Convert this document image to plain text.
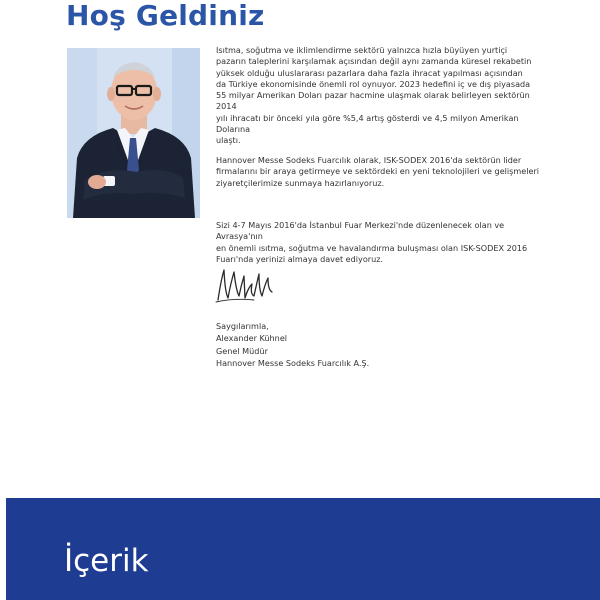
Hoş Geldiniz

Isıtma, soğutma ve iklimlendirme sektörü yalnızca hızla büyüyen yurtiçi
pazarın taleplerini karşılamak açısından değil aynı zamanda küresel rekabetin
yüksek olduğu uluslararası pazarlara daha fazla ihracat yapılması açısından
da Türkiye ekonomisinde önemli rol oynuyor. 2023 hedefini iç ve dış piyasada
55 milyar Amerikan Doları pazar hacmine ulaşmak olarak belirleyen sektörün 2014
yılı ihracatı bir önceki yıla göre %5,4 artış gösterdi ve 4,5 milyon Amerikan Dolarına
ulaştı.

Hannover Messe Sodeks Fuarcılık olarak, ISK-SODEX 2016'da sektörün lider
firmalarını bir araya getirmeye ve sektördeki en yeni teknolojileri ve gelişmeleri
ziyaretçilerimize sunmaya hazırlanıyoruz.

Sizi 4-7 Mayıs 2016'da İstanbul Fuar Merkezi'nde düzenlenecek olan ve Avrasya'nın
en önemli ısıtma, soğutma ve havalandırma buluşması olan ISK-SODEX 2016
Fuarı'nda yerinizi almaya davet ediyoruz.

Saygılarımla,
Alexander Kühnel
Genel Müdür
Hannover Messe Sodeks Fuarcılık A.Ş.
İçerik
